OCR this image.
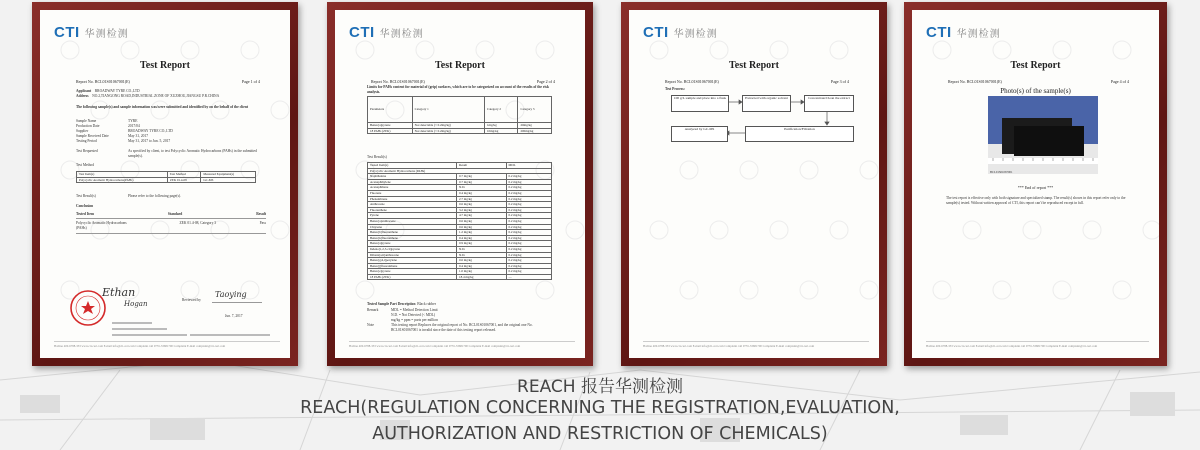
CTI 华测检测
Test Report
Report No. BCL01S01067001(E)	Page 1 of 4
Applicant BROADWAY TYRE CO.,LTD
Address NO.2,TIANGONG ROAD,INDUSTRIAL ZONE OF XUZHOU,JIANGSU P.R.CHINA
The following sample(s) and sample information was/were submitted and identified by on the behalf of the client
Sample Name	TYRE
Production Date	2017/04
Supplier	BROADWAY TYRE CO.,LTD
Sample Received Date	May 31, 2017
Testing Period	May 31, 2017 to Jun. 5, 2017
Test Requested	As specified by client, to test Polycyclic Aromatic Hydrocarbons (PAHs) in the submitted sample(s).
Test Method
Test Item(s)	Test Method	Measured Equipment(s)
Polycyclic Aromatic Hydrocarbons(PAHs)	ZEK 01.4-08	GC-MS
Test Result(s)	Please refer to the following page(s).
Conclusion
Tested Item	Standard	Result
Polycyclic Aromatic Hydrocarbons (PAHs)
ZEK 01.4-08, Category 3	Pass
Ethan
Hogan	Reviewed by
Taoying
Jun. 7, 2017
Hotline 400-6788-333 www.cti-cert.com E-mail info@cti-cert.com Complaint call 0755-33681700 Complaint E-mail complaint@cti-cert.com
CTI 华测检测
Test Report
Report No. BCL01S01067001(E)	Page 2 of 4
Limits for PAHs content for material of (grip) surfaces, which are to be categorized on account of the results of the risk analysis.
Parameters	Category 1	Category 2	Category 3
Benzo[a]pyrene	Not detectable (< 0.2mg/kg)	1mg/kg	20mg/kg
18 PAHs (ZEK)	Not detectable (< 0.2mg/kg)	10mg/kg	200mg/kg
Test Result(s)
Tested Item(s)	Result	MDL
Polycyclic Aromatic Hydrocarbons (PAHs)		
Naphthalene	0.7 mg/kg	0.2 mg/kg
Acenaphthylene	0.7 mg/kg	0.2 mg/kg
Acenaphthene	N.D.	0.2 mg/kg
Fluorene	0.4 mg/kg	0.2 mg/kg
Phenanthrene	2.7 mg/kg	0.2 mg/kg
Anthracene	0.6 mg/kg	0.2 mg/kg
Fluoranthene	3.2 mg/kg	0.2 mg/kg
Pyrene	4.7 mg/kg	0.2 mg/kg
Benzo[a]anthracene	0.6 mg/kg	0.2 mg/kg
Chrysene	0.6 mg/kg	0.2 mg/kg
Benzo[b]fluoranthene	1.2 mg/kg	0.2 mg/kg
Benzo[k]fluoranthene	0.4 mg/kg	0.2 mg/kg
Benzo[a]pyrene	0.9 mg/kg	0.2 mg/kg
Indeno[1,2,3-cd]pyrene	N.D.	0.2 mg/kg
Dibenz[a,h]anthracene	N.D.	0.2 mg/kg
Benzo[g,h,i]perylene	0.6 mg/kg	0.2 mg/kg
Benzo[j]fluoranthene	0.4 mg/kg	0.2 mg/kg
Benzo[e]pyrene	1.0 mg/kg	0.2 mg/kg
18 PAHs (ZEK)	18.4 mg/kg	—
Tested Sample Part Description Black rubber
Remark	MDL = Method Detection Limit
N.D. = Not Detected (< MDL)
mg/kg = ppm = parts per million
Note	This testing report Replaces the original report of No. BCL01S01067001, and the original one No. BCL01S01067001 is invalid since the date of this testing report released.
Hotline 400-6788-333 www.cti-cert.com E-mail info@cti-cert.com Complaint call 0755-33681700 Complaint E-mail complaint@cti-cert.com
CTI 华测检测
Test Report
Report No. BCL01S01067001(E)	Page 3 of 4
Test Process:
100 g/L sample and place into a flask	Extracted with organic solvent	Concentrate/Clean the extract
Analyzed by GC-MS	Purification/Filtration
Hotline 400-6788-333 www.cti-cert.com E-mail info@cti-cert.com Complaint call 0755-33681700 Complaint E-mail complaint@cti-cert.com
CTI 华测检测
Test Report
Report No. BCL01S01067001(E)	Page 4 of 4
Photo(s) of the sample(s)
BCL01S01067001
*** End of report ***
The test report is effective only with both signature and specialized stamp. The result(s) shown in this report refer only to the sample(s) tested. Without written approval of CTI, this report can't be reproduced except in full.
Hotline 400-6788-333 www.cti-cert.com E-mail info@cti-cert.com Complaint call 0755-33681700 Complaint E-mail complaint@cti-cert.com
REACH 报告华测检测
REACH(REGULATION CONCERNING THE REGISTRATION,EVALUATION,
AUTHORIZATION AND RESTRICTION OF CHEMICALS)
